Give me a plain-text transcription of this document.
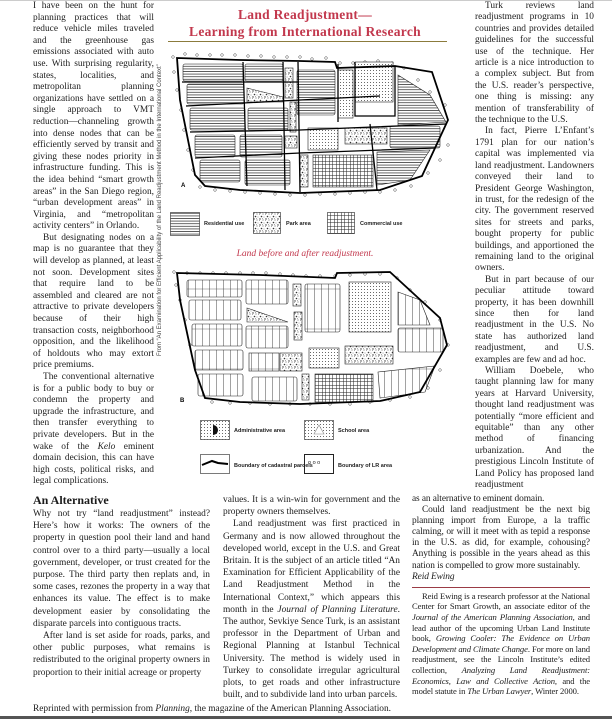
I have been on the hunt for planning practices that will reduce vehicle miles traveled and the greenhouse gas emissions associated with auto use. With surprising regularity, states, localities, and metropolitan planning organizations have settled on a single approach to VMT reduction—channeling growth into dense nodes that can be efficiently served by transit and giving these nodes priority in infrastructure funding. This is the idea behind “smart growth areas” in the San Diego region, “urban development areas” in Virginia, and “metropolitan activity centers” in Orlando.

But designating nodes on a map is no guarantee that they will develop as planned, at least not soon. Development sites that require land to be assembled and cleared are not attractive to private developers because of their high transaction costs, neighborhood opposition, and the likelihood of holdouts who may extort price premiums.

The conventional alternative is for a public body to buy or condemn the property and upgrade the infrastructure, and then transfer everything to private developers. But in the wake of the Kelo eminent domain decision, this can have high costs, political risks, and legal complications.

Land Readjustment—
Learning from International Research
From “An Examination for Efficient Applicability of the Land Readjustment Method in the International Context”	A
Residential use	Park area	Commercial use
Land before and after readjustment.
B
Administrative area	School area
Boundary of cadastral parcels
o o o	Boundary of LR area

Turk reviews land readjustment programs in 10 countries and provides detailed guidelines for the successful use of the technique. Her article is a nice introduction to a complex subject. But from the U.S. reader’s perspective, one thing is missing: any mention of transferability of the technique to the U.S.

In fact, Pierre L’Enfant’s 1791 plan for our nation’s capital was implemented via land readjustment. Landowners conveyed their land to President George Washington, in trust, for the redesign of the city. The government reserved sites for streets and parks, bought property for public buildings, and apportioned the remaining land to the original owners.

But in part because of our peculiar attitude toward property, it has been downhill since then for land readjustment in the U.S. No state has authorized land readjustment, and U.S. examples are few and ad hoc.

William Doebele, who taught planning law for many years at Harvard University, thought land readjustment was potentially “more efficient and equitable” than any other method of financing urbanization. And the prestigious Lincoln Institute of Land Policy has proposed land readjustment

An Alternative

Why not try “land readjustment” instead? Here’s how it works: The owners of the property in question pool their land and hand control over to a third party—usually a local government, developer, or trust created for the purpose. The third party then replats and, in some cases, rezones the property in a way that enhances its value. The effect is to make development easier by consolidating the disparate parcels into contiguous tracts.

After land is set aside for roads, parks, and other public purposes, what remains is redistributed to the original property owners in proportion to their initial acreage or property

values. It is a win-win for government and the property owners themselves.

Land readjustment was first practiced in Germany and is now allowed throughout the developed world, except in the U.S. and Great Britain. It is the subject of an article titled “An Examination for Efficient Applicability of the Land Readjustment Method in the International Context,” which appears this month in the Journal of Planning Literature. The author, Sevkiye Sence Turk, is an assistant professor in the Department of Urban and Regional Planning at Istanbul Technical University. The method is widely used in Turkey to consolidate irregular agricultural plots, to get roads and other infrastructure built, and to subdivide land into urban parcels.

as an alternative to eminent domain.

Could land readjustment be the next big planning import from Europe, a la traffic calming, or will it meet with as tepid a response in the U.S. as did, for example, cohousing? Anything is possible in the years ahead as this nation is compelled to grow more sustainably.

Reid Ewing

Reid Ewing is a research professor at the National Center for Smart Growth, an associate editor of the Journal of the American Planning Association, and lead author of the upcoming Urban Land Institute book, Growing Cooler: The Evidence on Urban Development and Climate Change. For more on land readjustment, see the Lincoln Institute’s edited collection, Analyzing Land Readjustment: Economics, Law and Collective Action, and the model statute in The Urban Lawyer, Winter 2000.

Reprinted with permission from Planning, the magazine of the American Planning Association.
